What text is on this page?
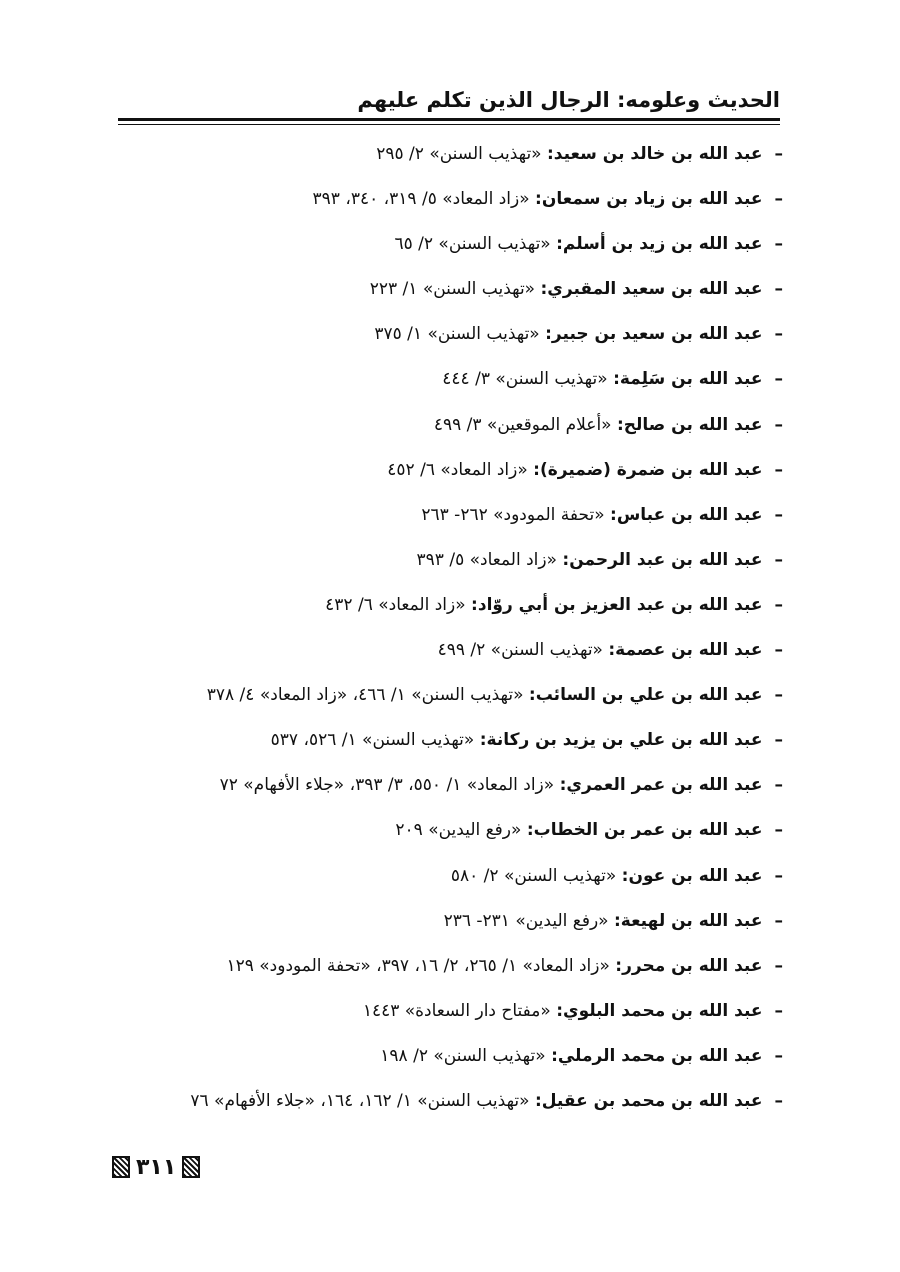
الحديث وعلومه: الرجال الذين تكلم عليهم
–عبد الله بن خالد بن سعيد: «تهذيب السنن» ٢/ ٢٩٥
–عبد الله بن زياد بن سمعان: «زاد المعاد» ٥/ ٣١٩، ٣٤٠، ٣٩٣
–عبد الله بن زيد بن أسلم: «تهذيب السنن» ٢/ ٦٥
–عبد الله بن سعيد المقبري: «تهذيب السنن» ١/ ٢٢٣
–عبد الله بن سعيد بن جبير: «تهذيب السنن» ١/ ٣٧٥
–عبد الله بن سَلِمة: «تهذيب السنن» ٣/ ٤٤٤
–عبد الله بن صالح: «أعلام الموقعين» ٣/ ٤٩٩
–عبد الله بن ضمرة (ضميرة): «زاد المعاد» ٦/ ٤٥٢
–عبد الله بن عباس: «تحفة المودود» ٢٦٢- ٢٦٣
–عبد الله بن عبد الرحمن: «زاد المعاد» ٥/ ٣٩٣
–عبد الله بن عبد العزيز بن أبي روّاد: «زاد المعاد» ٦/ ٤٣٢
–عبد الله بن عصمة: «تهذيب السنن» ٢/ ٤٩٩
–عبد الله بن علي بن السائب: «تهذيب السنن» ١/ ٤٦٦، «زاد المعاد» ٤/ ٣٧٨
–عبد الله بن علي بن يزيد بن ركانة: «تهذيب السنن» ١/ ٥٢٦، ٥٣٧
–عبد الله بن عمر العمري: «زاد المعاد» ١/ ٥٥٠، ٣/ ٣٩٣، «جلاء الأفهام» ٧٢
–عبد الله بن عمر بن الخطاب: «رفع اليدين» ٢٠٩
–عبد الله بن عون: «تهذيب السنن» ٢/ ٥٨٠
–عبد الله بن لهيعة: «رفع اليدين» ٢٣١- ٢٣٦
–عبد الله بن محرر: «زاد المعاد» ١/ ٢٦٥، ٢/ ١٦، ٣٩٧، «تحفة المودود» ١٢٩
–عبد الله بن محمد البلوي: «مفتاح دار السعادة» ١٤٤٣
–عبد الله بن محمد الرملي: «تهذيب السنن» ٢/ ١٩٨
–عبد الله بن محمد بن عقيل: «تهذيب السنن» ١/ ١٦٢، ١٦٤، «جلاء الأفهام» ٧٦
٣١١
